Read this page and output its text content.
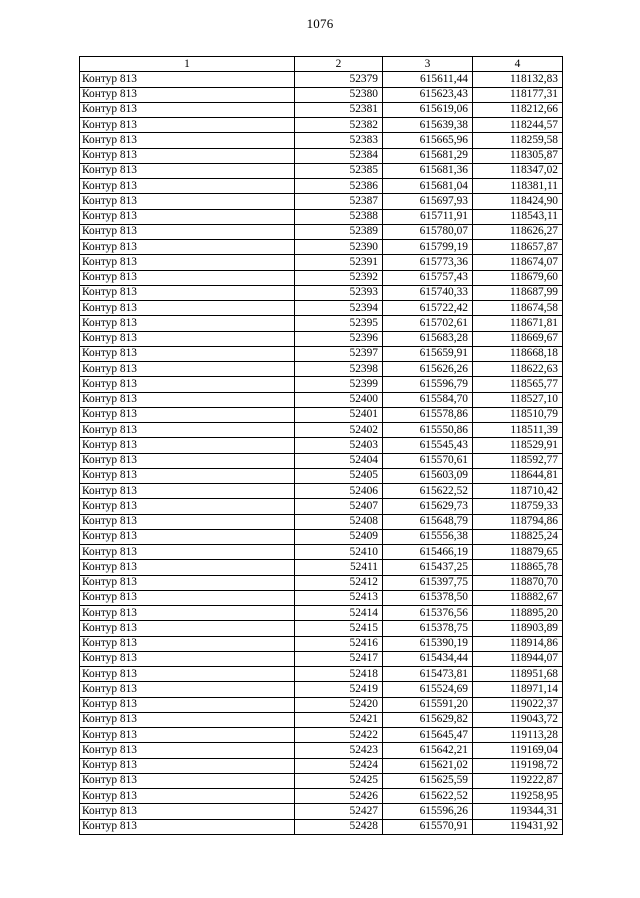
1076
1	2	3	4
Контур 813	52379	615611,44	118132,83
Контур 813	52380	615623,43	118177,31
Контур 813	52381	615619,06	118212,66
Контур 813	52382	615639,38	118244,57
Контур 813	52383	615665,96	118259,58
Контур 813	52384	615681,29	118305,87
Контур 813	52385	615681,36	118347,02
Контур 813	52386	615681,04	118381,11
Контур 813	52387	615697,93	118424,90
Контур 813	52388	615711,91	118543,11
Контур 813	52389	615780,07	118626,27
Контур 813	52390	615799,19	118657,87
Контур 813	52391	615773,36	118674,07
Контур 813	52392	615757,43	118679,60
Контур 813	52393	615740,33	118687,99
Контур 813	52394	615722,42	118674,58
Контур 813	52395	615702,61	118671,81
Контур 813	52396	615683,28	118669,67
Контур 813	52397	615659,91	118668,18
Контур 813	52398	615626,26	118622,63
Контур 813	52399	615596,79	118565,77
Контур 813	52400	615584,70	118527,10
Контур 813	52401	615578,86	118510,79
Контур 813	52402	615550,86	118511,39
Контур 813	52403	615545,43	118529,91
Контур 813	52404	615570,61	118592,77
Контур 813	52405	615603,09	118644,81
Контур 813	52406	615622,52	118710,42
Контур 813	52407	615629,73	118759,33
Контур 813	52408	615648,79	118794,86
Контур 813	52409	615556,38	118825,24
Контур 813	52410	615466,19	118879,65
Контур 813	52411	615437,25	118865,78
Контур 813	52412	615397,75	118870,70
Контур 813	52413	615378,50	118882,67
Контур 813	52414	615376,56	118895,20
Контур 813	52415	615378,75	118903,89
Контур 813	52416	615390,19	118914,86
Контур 813	52417	615434,44	118944,07
Контур 813	52418	615473,81	118951,68
Контур 813	52419	615524,69	118971,14
Контур 813	52420	615591,20	119022,37
Контур 813	52421	615629,82	119043,72
Контур 813	52422	615645,47	119113,28
Контур 813	52423	615642,21	119169,04
Контур 813	52424	615621,02	119198,72
Контур 813	52425	615625,59	119222,87
Контур 813	52426	615622,52	119258,95
Контур 813	52427	615596,26	119344,31
Контур 813	52428	615570,91	119431,92
